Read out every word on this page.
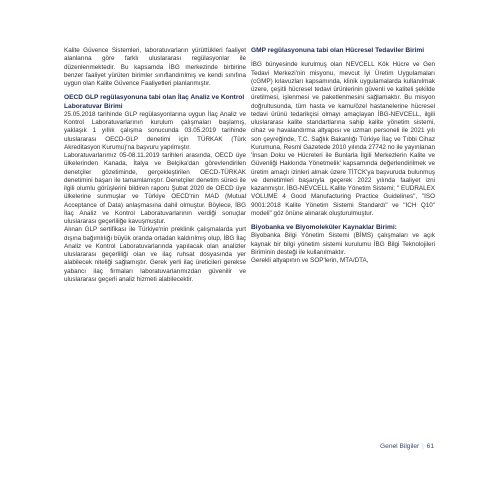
Kalite Güvence Sistemleri, laboratuvarların yürüttükleri faaliyet alanlarına göre farklı uluslararası regülasyonlar ile düzenlenmektedir. Bu kapsamda İBG merkezinde birbirine benzer faaliyet yürüten birimler sınıflandırılmış ve kendi sınıfına uygun olan Kalite Güvence Faaliyetleri planlanmıştır.

OECD GLP regülasyonuna tabi olan İlaç Analiz ve Kontrol Laboratuvar Birimi

25.05.2018 tarihinde GLP regülasyonlarına uygun İlaç Analiz ve Kontrol Laboratuvarlarının kurulum çalışmaları başlamış, yaklaşık 1 yıllık çalışma sonucunda 03.05.2019 tarihinde uluslararası OECD-GLP denetimi için TÜRKAK (Türk Akreditasyon Kurumu)'na başvuru yapılmıştır.

Laboratuvarlarımız 05-08.11.2019 tarihleri arasında, OECD üye ülkelerinden Kanada, İtalya ve Belçika'dan görevlendirilen denetçiler gözetiminde, gerçekleştirilen OECD-TÜRKAK denetimini başarı ile tamamlamıştır. Denetçiler denetim süreci ile ilgili olumlu görüşlerini bildiren raporu Şubat 2020 de OECD üye ülkelerine sunmuşlar ve Türkiye OECD'nin MAD (Mutual Acceptance of Data) anlaşmasına dahil olmuştur. Böylece, İBG İlaç Analiz ve Kontrol Laboratuvarlarının verdiği sonuçlar uluslararası geçerliliğe kavuşmuştur.

Alınan GLP sertifikası ile Türkiye'nin preklinik çalışmalarda yurt dışına bağımlılığı büyük oranda ortadan kaldırılmış olup, İBG İlaç Analiz ve Kontrol Laboratuvarlarında yapılacak olan analizler uluslararası geçerliliği olan ve ilaç ruhsat dosyasında yer alabilecek niteliği sağlamıştır. Gerek yerli ilaç üreticileri gerekse yabancı ilaç firmaları laboratuvarlarımızdan güvenilir ve uluslararası geçerli analiz hizmeti alabilecektir.

GMP regülasyonuna tabi olan Hücresel Tedaviler Birimi

İBG bünyesinde kurulmuş olan NEVCELL Kök Hücre ve Gen Tedavi Merkezi'nin misyonu, mevcut İyi Üretim Uygulamaları (cGMP) kılavuzları kapsamında, klinik uygulamalarda kullanılmak üzere, çeşitli hücresel tedavi ürünlerinin güvenli ve kaliteli şekilde üretilmesi, işlenmesi ve paketlenmesini sağlamaktır. Bu misyon doğrultusunda, tüm hasta ve kamu/özel hastanelerine hücresel tedavi ürünü tedarikçisi olmayı amaçlayan İBG-NEVCELL, ilgili uluslararası kalite standartlarına sahip kalite yönetim sistemi, cihaz ve havalandırma altyapısı ve uzman personeli ile 2021 yılı son çeyreğinde, T.C. Sağlık Bakanlığı Türkiye İlaç ve Tıbbi Cihaz Kurumuna, Resmi Gazetede 2010 yılında 27742 no ile yayınlanan 'İnsan Doku ve Hücreleri ile Bunlarla İlgili Merkezlerin Kalite ve Güvenliği Hakkında Yönetmelik' kapsamında değerlendirilmek ve üretim amaçlı izinleri almak üzere TİTCK'ya başvuruda bulunmuş ve denetimleri başarıyla geçerek 2022 yılında faaliyet izni kazanmıştır. İBG-NEVCELL Kalite Yönetim Sistemi; " EUDRALEX VOLUME 4 Good Manufacturing Practice Guidelines", "ISO 9001:2018 Kalite Yönetim Sistemi Standardı" ve "ICH Q10" modeli" göz önüne alınarak oluşturulmuştur.

Biyobanka ve Biyomoleküler Kaynaklar Birimi:

Biyobanka Bilgi Yönetim Sistemi (BİMS) çalışmaları ve açık kaynak bir bilgi yönetim sistemi kurulumu İBG Bilgi Teknolojileri Biriminin desteği ile kullanılmaktır.

Gerekli altyapının ve SOP'lerin, MTA/DTA,

Genel Bilgiler | 61
